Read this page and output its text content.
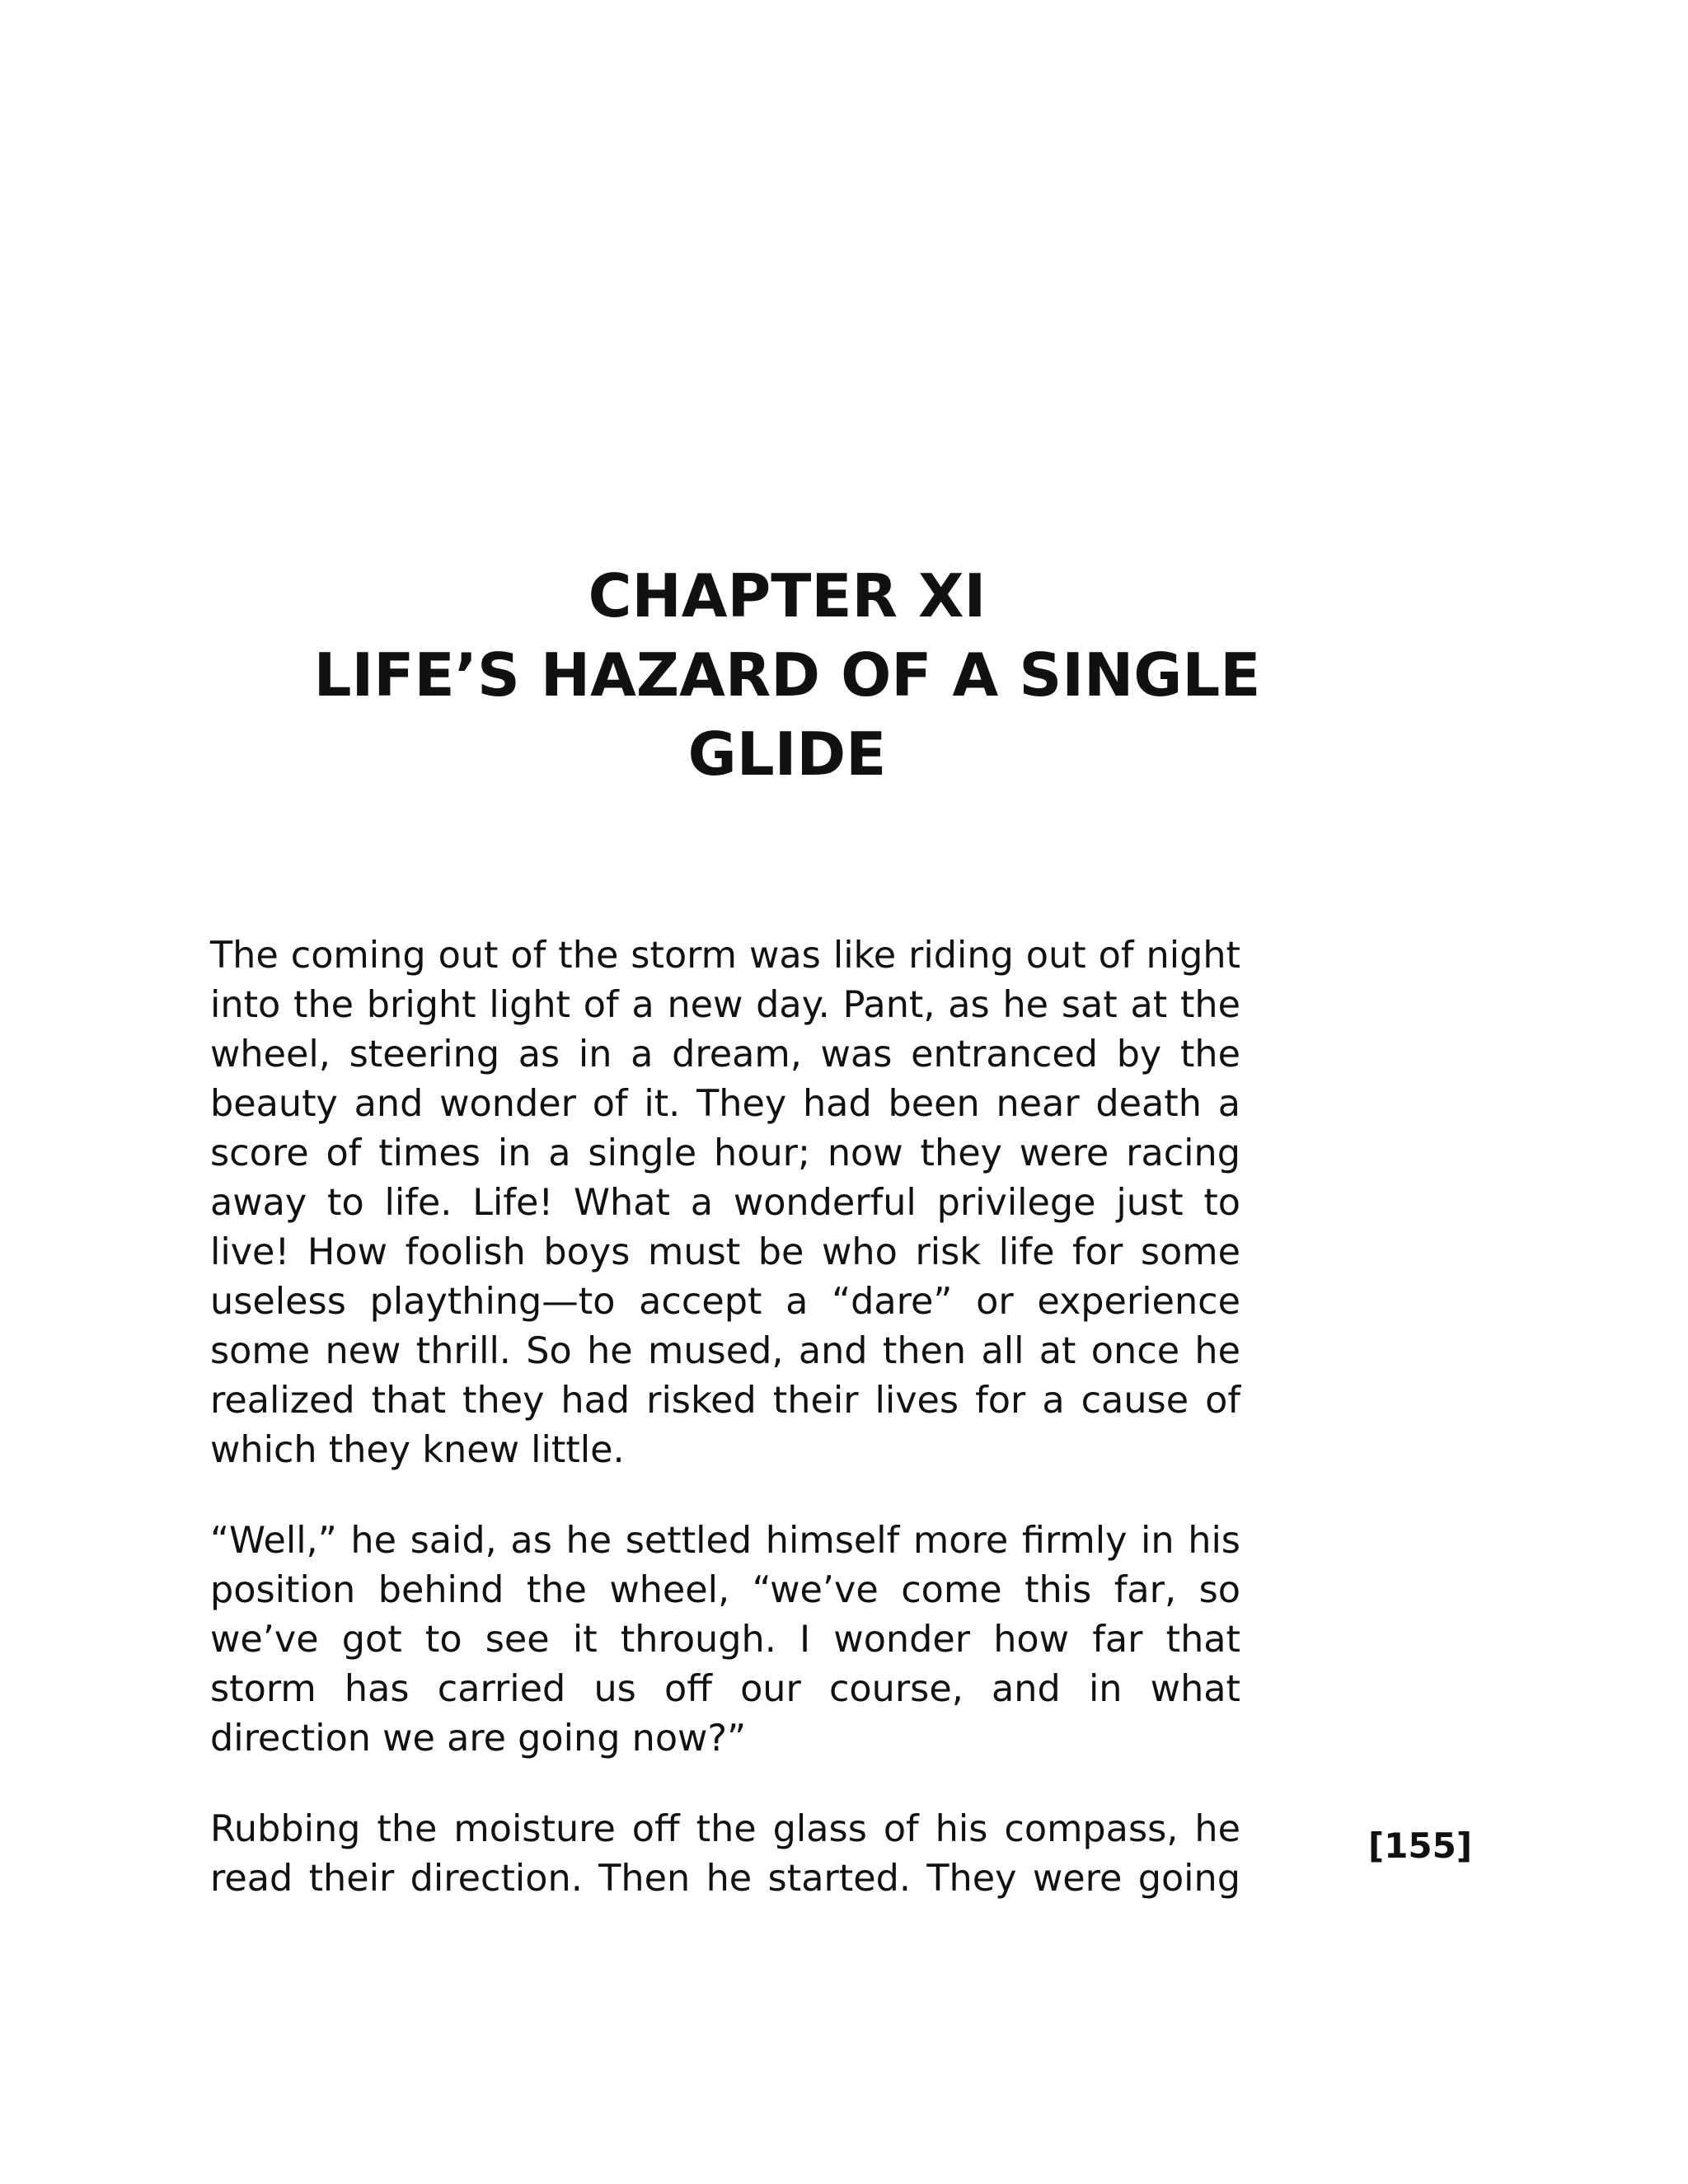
CHAPTER XI
LIFE’S HAZARD OF A SINGLE
GLIDE

The coming out of the storm was like riding out of night into the bright light of a new day. Pant, as he sat at the wheel, steering as in a dream, was entranced by the beauty and wonder of it. They had been near death a score of times in a single hour; now they were racing away to life. Life! What a wonderful privilege just to live! How foolish boys must be who risk life for some useless plaything—to accept a “dare” or experience some new thrill. So he mused, and then all at once he realized that they had risked their lives for a cause of which they knew little.

“Well,” he said, as he settled himself more firmly in his position behind the wheel, “we’ve come this far, so we’ve got to see it through. I wonder how far that storm has carried us off our course, and in what direction we are going now?”

Rubbing the moisture off the glass of his compass, he read their direction. Then he started. They were going

[155]
